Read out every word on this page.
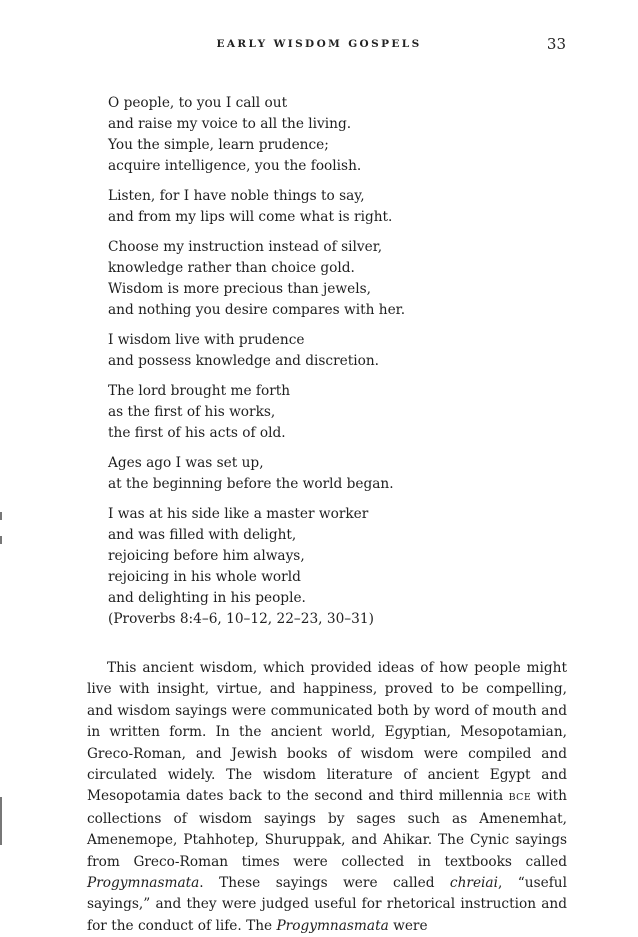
EARLY WISDOM GOSPELS	33
O people, to you I call out
and raise my voice to all the living.
You the simple, learn prudence;
acquire intelligence, you the foolish.
Listen, for I have noble things to say,
and from my lips will come what is right.
Choose my instruction instead of silver,
knowledge rather than choice gold.
Wisdom is more precious than jewels,
and nothing you desire compares with her.
I wisdom live with prudence
and possess knowledge and discretion.
The lord brought me forth
as the first of his works,
the first of his acts of old.
Ages ago I was set up,
at the beginning before the world began.
I was at his side like a master worker
and was filled with delight,
rejoicing before him always,
rejoicing in his whole world
and delighting in his people.
(Proverbs 8:4–6, 10–12, 22–23, 30–31)

This ancient wisdom, which provided ideas of how people might live with insight, virtue, and happiness, proved to be compelling, and wisdom sayings were communicated both by word of mouth and in written form. In the ancient world, Egyptian, Mesopotamian, Greco-Roman, and Jewish books of wisdom were compiled and circulated widely. The wisdom literature of ancient Egypt and Mesopotamia dates back to the second and third millennia BCE with collections of wisdom sayings by sages such as Amenemhat, Amenemope, Ptahhotep, Shuruppak, and Ahikar. The Cynic sayings from Greco-Roman times were collected in textbooks called Progymnasmata. These sayings were called chreiai, “useful sayings,” and they were judged useful for rhetorical instruction and for the conduct of life. The Progymnasmata were
